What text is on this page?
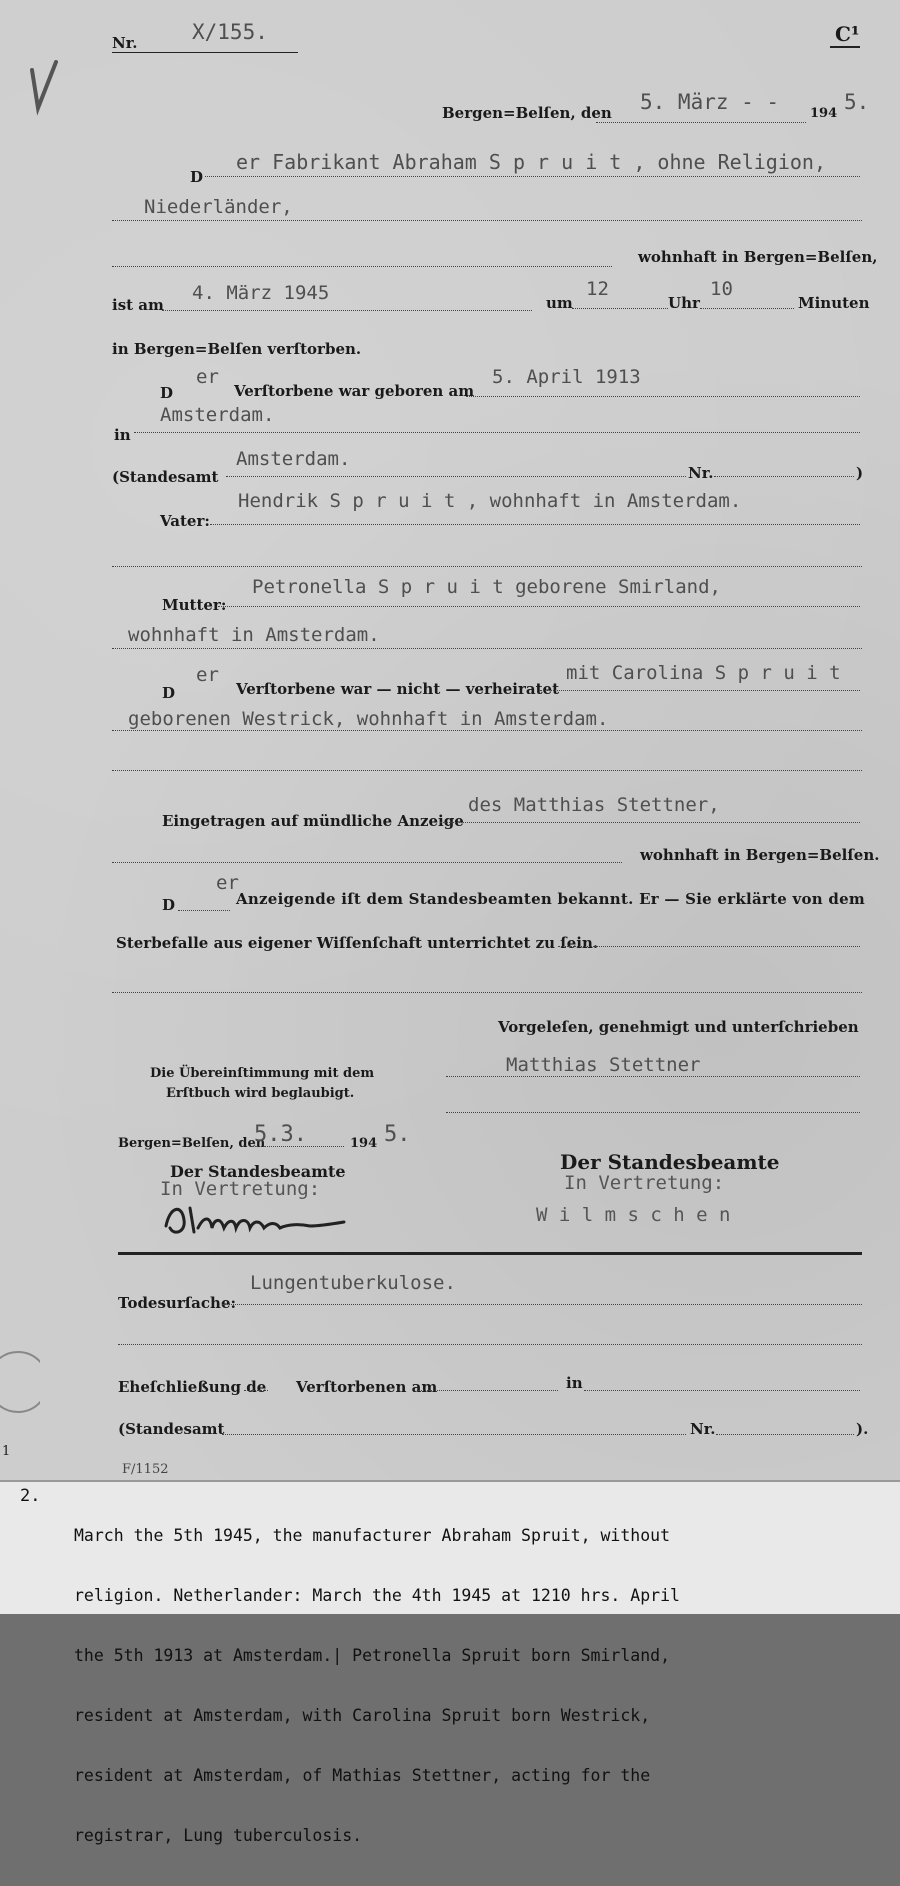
Nr.	X/155.	C¹
Bergen=Belſen, den 5. März - - 194 5.
D
er Fabrikant Abraham S p r u i t , ohne Religion,
Niederländer,
wohnhaft in Bergen=Belſen,
ist am
4. März 1945	um
12
Uhr
10
Minuten
in Bergen=Belſen verſtorben.
D
er
Verſtorbene war geboren am
5. April 1913
Amsterdam.
in
(Standesamt
Amsterdam.
Nr.	)
Vater:
Hendrik S p r u i t , wohnhaft in Amsterdam.
Mutter:
Petronella S p r u i t geborene Smirland,
wohnhaft in Amsterdam.
D
er
Verſtorbene war — nicht — verheiratet
mit Carolina S p r u i t
geborenen Westrick, wohnhaft in Amsterdam.
Eingetragen auf mündliche Anzeige
des Matthias Stettner,
wohnhaft in Bergen=Belſen.
D
er
Anzeigende iſt dem Standesbeamten bekannt. Er — Sie erklärte von dem
Sterbefalle aus eigener Wiſſenſchaft unterrichtet zu ſein.
Vorgeleſen, genehmigt und unterſchrieben
Matthias Stettner
Die Übereinſtimmung mit dem
Erſtbuch wird beglaubigt.
Bergen=Belſen, den
5.3.	194 5.
Der Standesbeamte
In Vertretung:
Der Standesbeamte
In Vertretung:
W i l m s c h e n
Todesurſache:
Lungentuberkulose.
Eheſchließung de Verſtorbenen am	in
(Standesamt	Nr.	).
1
F/1152
2.

March the 5th 1945, the manufacturer Abraham Spruit, without

religion. Netherlander: March the 4th 1945 at 1210 hrs. April

the 5th 1913 at Amsterdam.| Petronella Spruit born Smirland,

resident at Amsterdam, with Carolina Spruit born Westrick,

resident at Amsterdam, of Mathias Stettner, acting for the

registrar, Lung tuberculosis.
